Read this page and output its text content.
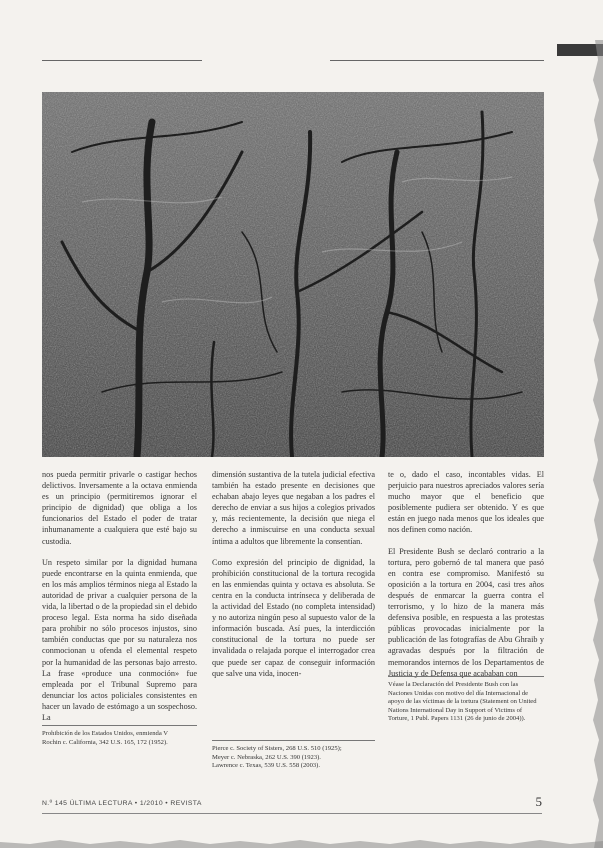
nos pueda permitir privarle o castigar hechos delictivos. Inversamente a la octava enmienda es un principio (permitiremos ignorar el principio de dignidad) que obliga a los funcionarios del Estado el poder de tratar inhumanamente a cualquiera que esté bajo su custodia.

Un respeto similar por la dignidad humana puede encontrarse en la quinta enmienda, que en los más amplios términos niega al Estado la autoridad de privar a cualquier persona de la vida, la libertad o de la propiedad sin el debido proceso legal. Esta norma ha sido diseñada para prohibir no sólo procesos injustos, sino también conductas que por su naturaleza nos conmocionan u ofenda el elemental respeto por la humanidad de las personas bajo arresto. La frase «produce una conmoción» fue empleada por el Tribunal Supremo para denunciar los actos policiales consistentes en hacer un lavado de estómago a un sospechoso. La

dimensión sustantiva de la tutela judicial efectiva también ha estado presente en decisiones que echaban abajo leyes que negaban a los padres el derecho de enviar a sus hijos a colegios privados y, más recientemente, la decisión que niega el derecho a inmiscuirse en una conducta sexual íntima a adultos que libremente la consentían.

Como expresión del principio de dignidad, la prohibición constitucional de la tortura recogida en las enmiendas quinta y octava es absoluta. Se centra en la conducta intrínseca y deliberada de la actividad del Estado (no completa intensidad) y no autoriza ningún peso al supuesto valor de la información buscada. Así pues, la interdicción constitucional de la tortura no puede ser invalidada o relajada porque el interrogador crea que puede ser capaz de conseguir información que salve una vida, inocen-

te o, dado el caso, incontables vidas. El perjuicio para nuestros apreciados valores sería mucho mayor que el beneficio que posiblemente pudiera ser obtenido. Y es que están en juego nada menos que los ideales que nos definen como nación.

El Presidente Bush se declaró contrario a la tortura, pero gobernó de tal manera que pasó en contra ese compromiso. Manifestó su oposición a la tortura en 2004, casi tres años después de enmarcar la guerra contra el terrorismo, y lo hizo de la manera más defensiva posible, en respuesta a las protestas públicas provocadas inicialmente por la publicación de las fotografías de Abu Ghraib y agravadas después por la filtración de memorandos internos de los Departamentos de Justicia y de Defensa que acababan con

Prohibición de los Estados Unidos, enmienda V
Rochin c. California, 342 U.S. 165, 172 (1952).
Pierce c. Society of Sisters, 268 U.S. 510 (1925);
Meyer c. Nebraska, 262 U.S. 390 (1923).
Lawrence c. Texas, 539 U.S. 558 (2003).
Véase la Declaración del Presidente Bush con las Naciones Unidas con motivo del día Internacional de apoyo de las víctimas de la tortura (Statement on United Nations International Day in Support of Victims of Torture, 1 Publ. Papers 1131 (26 de junio de 2004)).
N.º 145 ÚLTIMA LECTURA • 1/2010 • REVISTA	5
